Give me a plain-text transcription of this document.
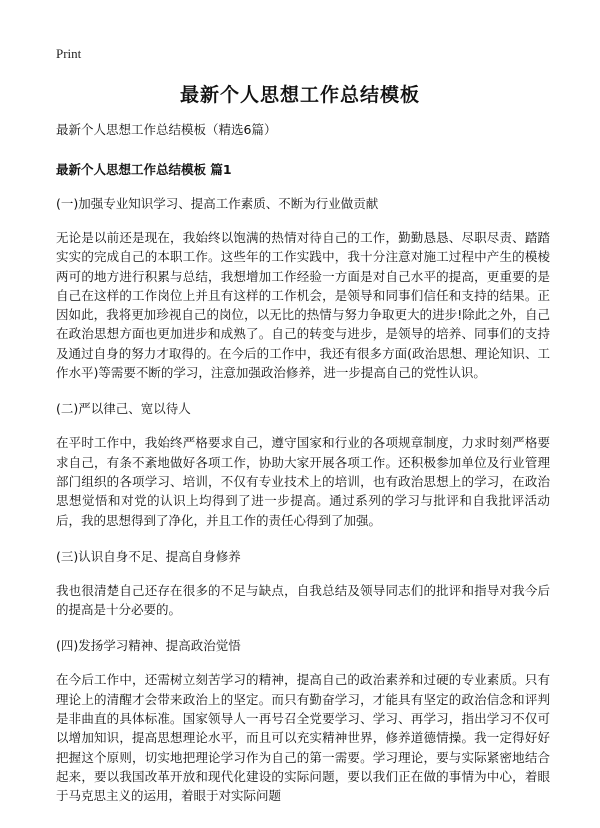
Print
最新个人思想工作总结模板

最新个人思想工作总结模板（精选6篇）

最新个人思想工作总结模板 篇1

(一)加强专业知识学习、提高工作素质、不断为行业做贡献

无论是以前还是现在，我始终以饱满的热情对待自己的工作，勤勤恳恳、尽职尽责、踏踏实实的完成自己的本职工作。这些年的工作实践中，我十分注意对施工过程中产生的模棱两可的地方进行积累与总结，我想增加工作经验一方面是对自己水平的提高，更重要的是自己在这样的工作岗位上并且有这样的工作机会，是领导和同事们信任和支持的结果。正因如此，我将更加珍视自己的岗位，以无比的热情与努力争取更大的进步!除此之外，自己在政治思想方面也更加进步和成熟了。自己的转变与进步，是领导的培养、同事们的支持及通过自身的努力才取得的。在今后的工作中，我还有很多方面(政治思想、理论知识、工作水平)等需要不断的学习，注意加强政治修养，进一步提高自己的党性认识。

(二)严以律己、宽以待人

在平时工作中，我始终严格要求自己，遵守国家和行业的各项规章制度，力求时刻严格要求自己，有条不紊地做好各项工作，协助大家开展各项工作。还积极参加单位及行业管理部门组织的各项学习、培训，不仅有专业技术上的培训，也有政治思想上的学习，在政治思想觉悟和对党的认识上均得到了进一步提高。通过系列的学习与批评和自我批评活动后，我的思想得到了净化，并且工作的责任心得到了加强。

(三)认识自身不足、提高自身修养

我也很清楚自己还存在很多的不足与缺点，自我总结及领导同志们的批评和指导对我今后的提高是十分必要的。

(四)发扬学习精神、提高政治觉悟

在今后工作中，还需树立刻苦学习的精神，提高自己的政治素养和过硬的专业素质。只有理论上的清醒才会带来政治上的坚定。而只有勤奋学习，才能具有坚定的政治信念和评判是非曲直的具体标准。国家领导人一再号召全党要学习、学习、再学习，指出学习不仅可以增加知识，提高思想理论水平，而且可以充实精神世界，修养道德情操。我一定得好好把握这个原则，切实地把理论学习作为自己的第一需要。学习理论，要与实际紧密地结合起来，要以我国改革开放和现代化建设的实际问题，要以我们正在做的事情为中心，着眼于马克思主义的运用，着眼于对实际问题
